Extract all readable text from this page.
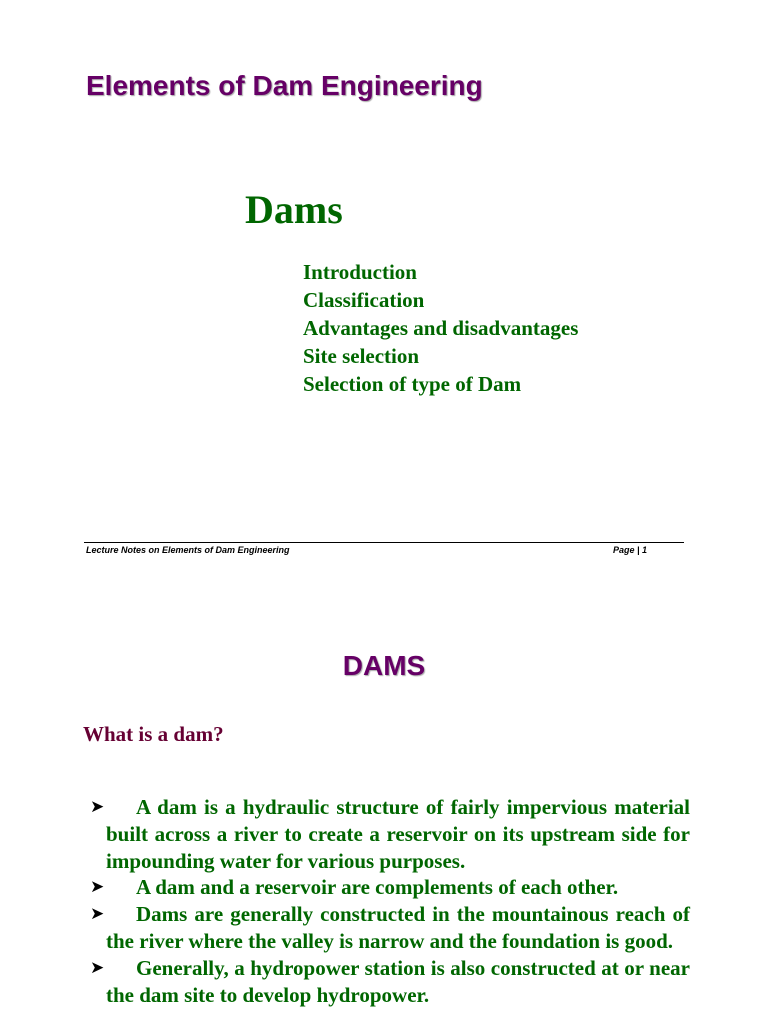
Elements of Dam Engineering
Dams
Introduction
Classification
Advantages and disadvantages
Site selection
Selection of type of Dam
Lecture Notes on Elements of Dam Engineering	Page | 1
DAMS
What is a dam?
➤	A dam is a hydraulic structure of fairly impervious material built across a river to create a reservoir on its upstream side for impounding water for various purposes.
➤	A dam and a reservoir are complements of each other.
➤	Dams are generally constructed in the mountainous reach of the river where the valley is narrow and the foundation is good.
➤	Generally, a hydropower station is also constructed at or near the dam site to develop hydropower.
